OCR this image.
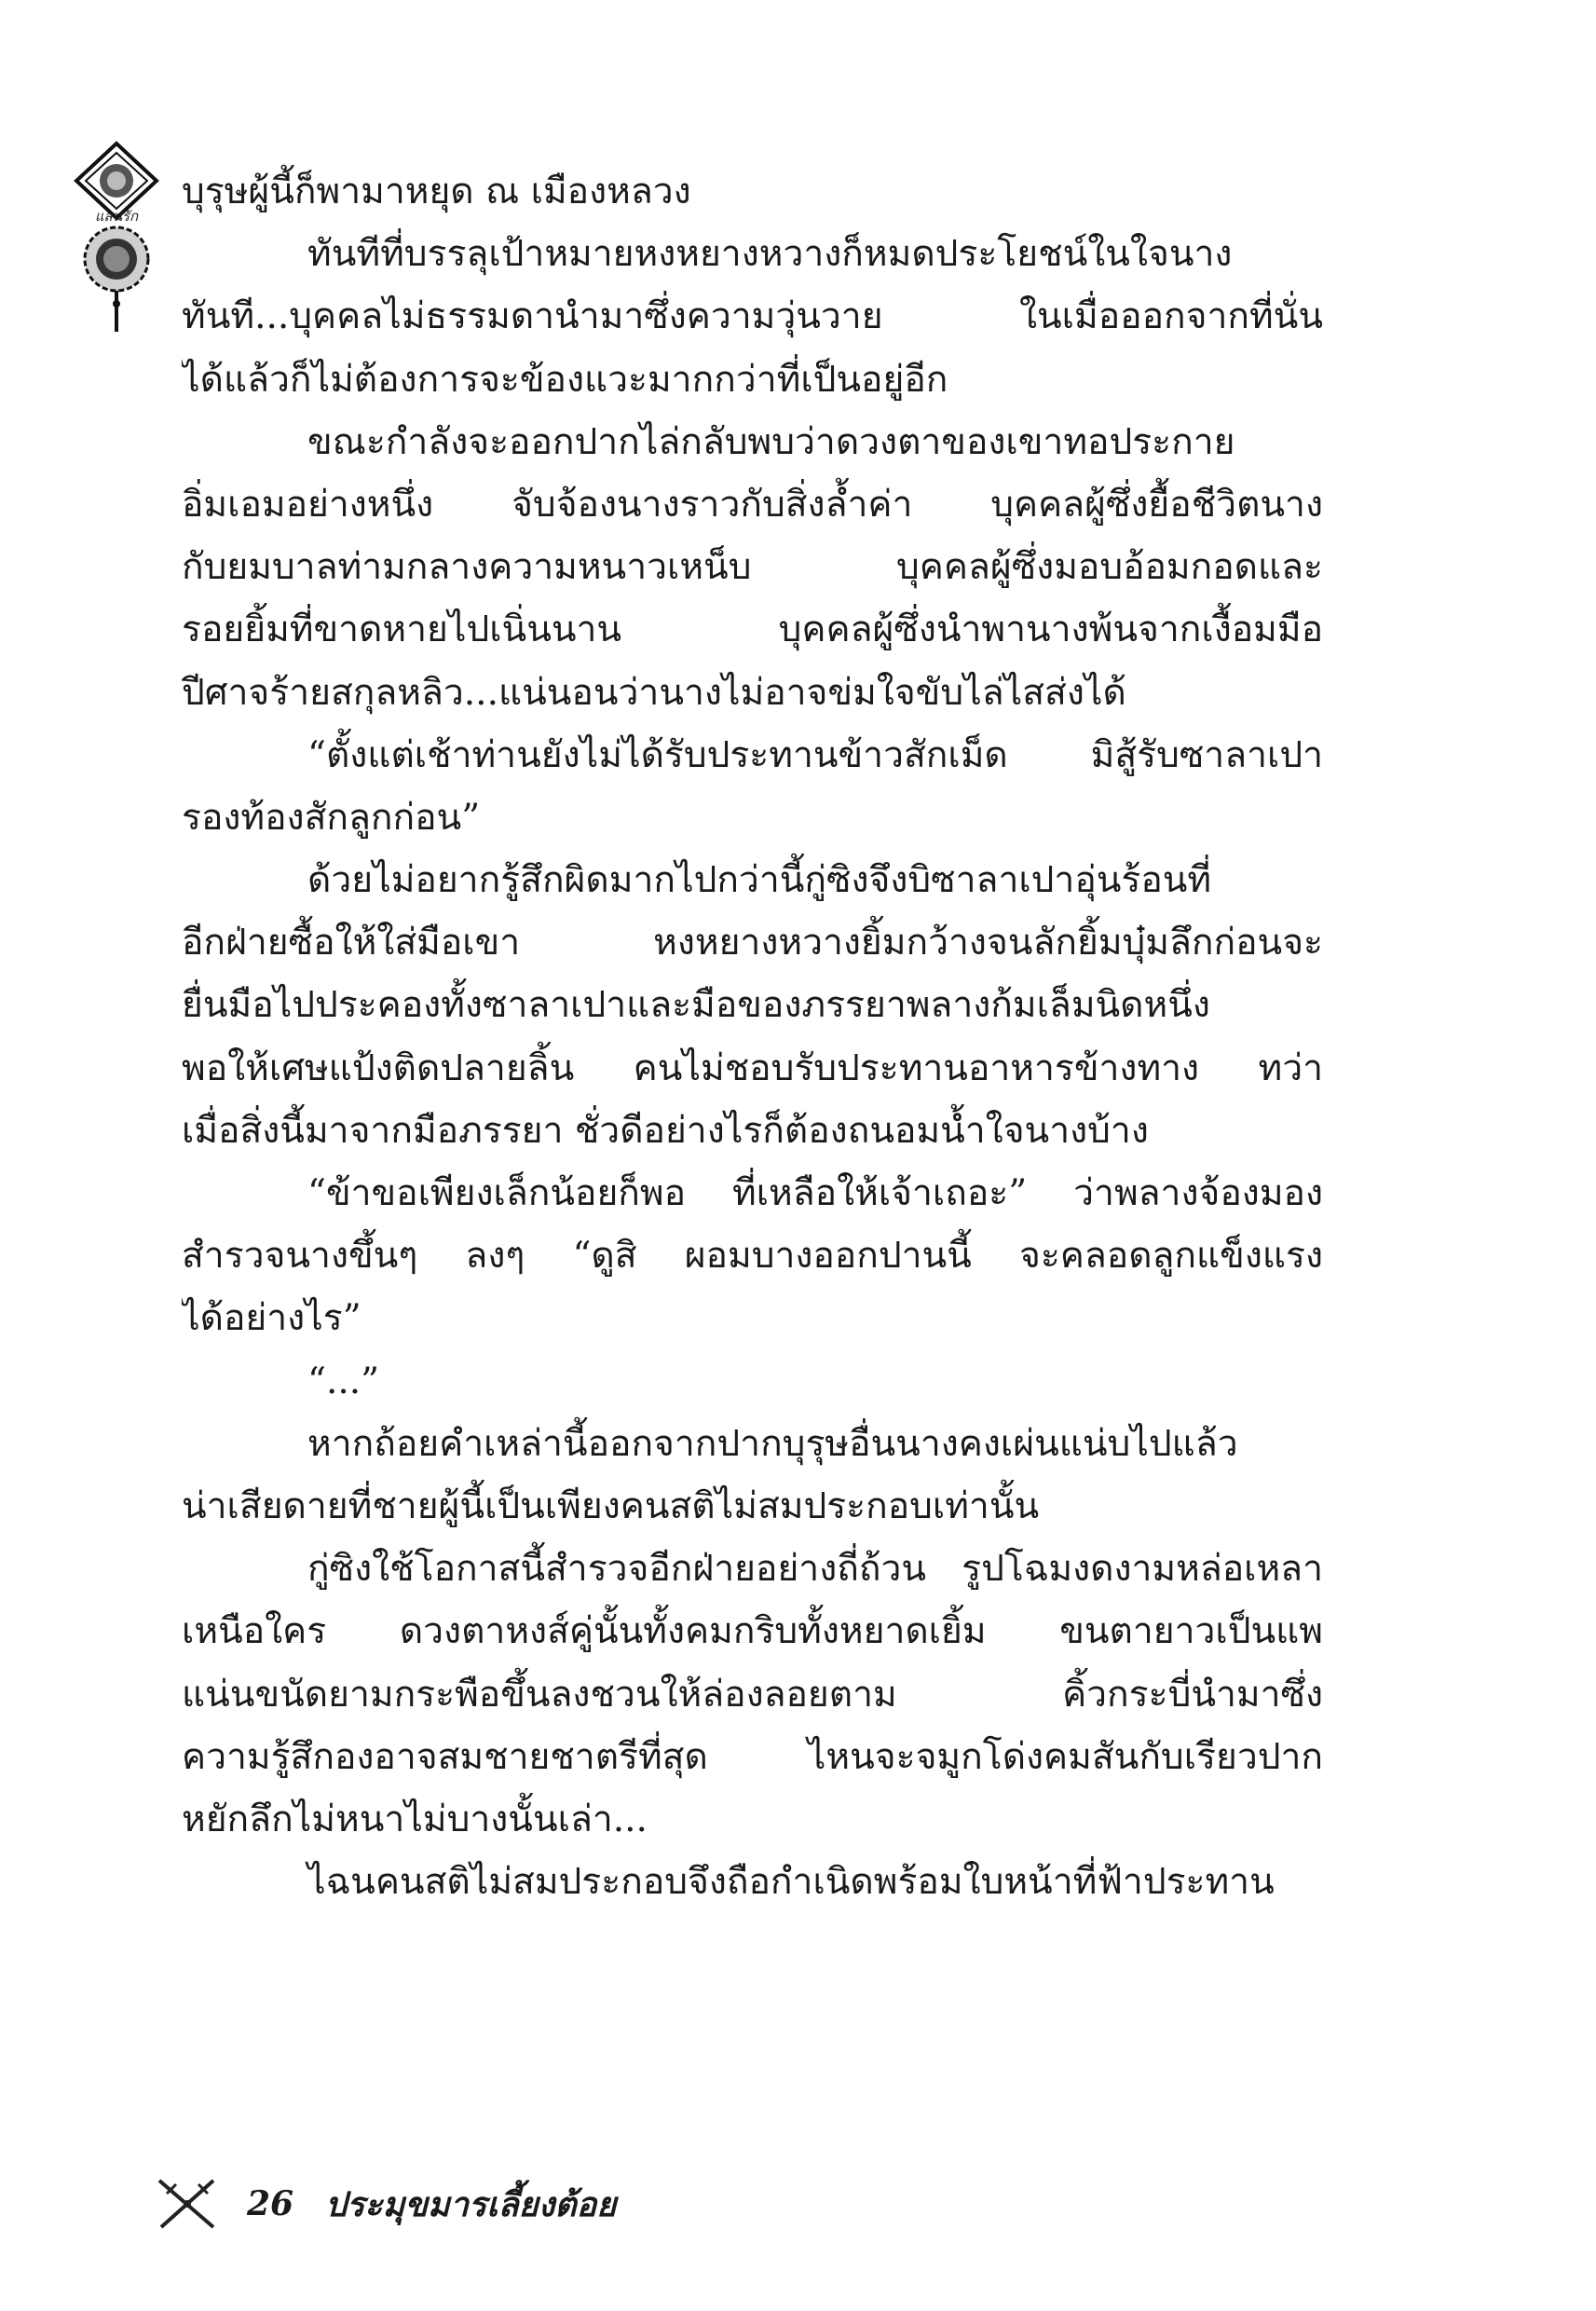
แสนรัก
บุรุษผู้นี้ก็พามาหยุด ณ เมืองหลวง
ทันทีที่บรรลุเป้าหมายหงหยางหวางก็หมดประโยชน์ในใจนาง
ทันที...บุคคลไม่ธรรมดานำมาซึ่งความวุ่นวาย ในเมื่อออกจากที่นั่น
ได้แล้วก็ไม่ต้องการจะข้องแวะมากกว่าที่เป็นอยู่อีก
ขณะกำลังจะออกปากไล่กลับพบว่าดวงตาของเขาทอประกาย
อิ่มเอมอย่างหนึ่ง จับจ้องนางราวกับสิ่งล้ำค่า บุคคลผู้ซึ่งยื้อชีวิตนาง
กับยมบาลท่ามกลางความหนาวเหน็บ บุคคลผู้ซึ่งมอบอ้อมกอดและ
รอยยิ้มที่ขาดหายไปเนิ่นนาน บุคคลผู้ซึ่งนำพานางพ้นจากเงื้อมมือ
ปีศาจร้ายสกุลหลิว...แน่นอนว่านางไม่อาจข่มใจขับไล่ไสส่งได้
“ตั้งแต่เช้าท่านยังไม่ได้รับประทานข้าวสักเม็ด มิสู้รับซาลาเปา
รองท้องสักลูกก่อน”
ด้วยไม่อยากรู้สึกผิดมากไปกว่านี้กู่ซิงจึงบิซาลาเปาอุ่นร้อนที่
อีกฝ่ายซื้อให้ใส่มือเขา หงหยางหวางยิ้มกว้างจนลักยิ้มบุ๋มลึกก่อนจะ
ยื่นมือไปประคองทั้งซาลาเปาและมือของภรรยาพลางก้มเล็มนิดหนึ่ง
พอให้เศษแป้งติดปลายลิ้น คนไม่ชอบรับประทานอาหารข้างทาง ทว่า
เมื่อสิ่งนี้มาจากมือภรรยา ชั่วดีอย่างไรก็ต้องถนอมน้ำใจนางบ้าง
“ข้าขอเพียงเล็กน้อยก็พอ ที่เหลือให้เจ้าเถอะ” ว่าพลางจ้องมอง
สำรวจนางขึ้นๆ ลงๆ “ดูสิ ผอมบางออกปานนี้ จะคลอดลูกแข็งแรง
ได้อย่างไร”
“...”
หากถ้อยคำเหล่านี้ออกจากปากบุรุษอื่นนางคงเผ่นแน่บไปแล้ว
น่าเสียดายที่ชายผู้นี้เป็นเพียงคนสติไม่สมประกอบเท่านั้น
กู่ซิงใช้โอกาสนี้สำรวจอีกฝ่ายอย่างถี่ถ้วน รูปโฉมงดงามหล่อเหลา
เหนือใคร ดวงตาหงส์คู่นั้นทั้งคมกริบทั้งหยาดเยิ้ม ขนตายาวเป็นแพ
แน่นขนัดยามกระพือขึ้นลงชวนให้ล่องลอยตาม คิ้วกระบี่นำมาซึ่ง
ความรู้สึกองอาจสมชายชาตรีที่สุด ไหนจะจมูกโด่งคมสันกับเรียวปาก
หยักลึกไม่หนาไม่บางนั้นเล่า...
ไฉนคนสติไม่สมประกอบจึงถือกำเนิดพร้อมใบหน้าที่ฟ้าประทาน
26 ประมุขมารเลี้ยงต้อย
